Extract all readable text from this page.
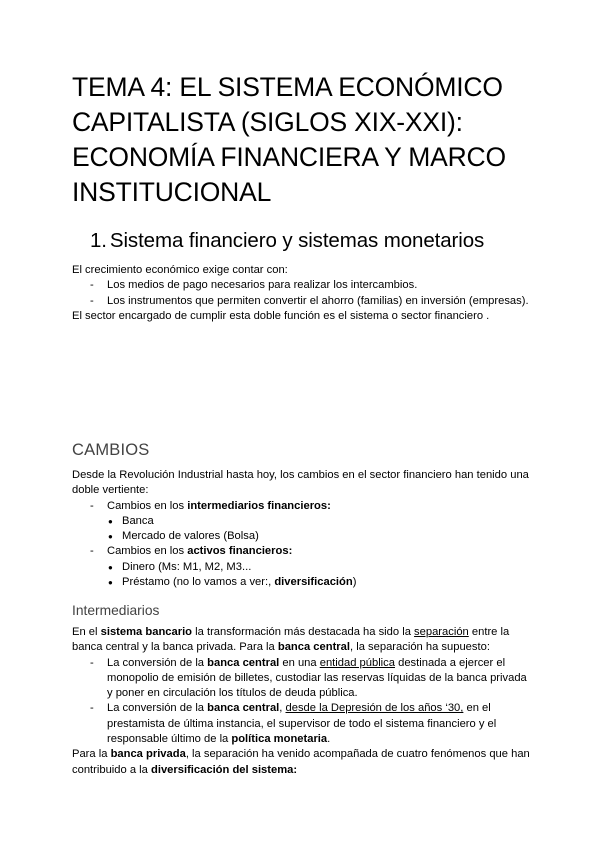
TEMA 4: EL SISTEMA ECONÓMICO CAPITALISTA (SIGLOS XIX-XXI): ECONOMÍA FINANCIERA Y MARCO INSTITUCIONAL
1. Sistema financiero y sistemas monetarios

El crecimiento económico exige contar con:

- Los medios de pago necesarios para realizar los intercambios.
- Los instrumentos que permiten convertir el ahorro (familias) en inversión (empresas).

El sector encargado de cumplir esta doble función es el sistema o sector financiero .

CAMBIOS

Desde la Revolución Industrial hasta hoy, los cambios en el sector financiero han tenido una doble vertiente:

- Cambios en los intermediarios financieros:
● Banca
● Mercado de valores (Bolsa)
- Cambios en los activos financieros:
● Dinero (Ms: M1, M2, M3...
● Préstamo (no lo vamos a ver:, diversificación)
Intermediarios

En el sistema bancario la transformación más destacada ha sido la separación entre la banca central y la banca privada. Para la banca central, la separación ha supuesto:

- La conversión de la banca central en una entidad pública destinada a ejercer el monopolio de emisión de billetes, custodiar las reservas líquidas de la banca privada y poner en circulación los títulos de deuda pública.
- La conversión de la banca central, desde la Depresión de los años ‘30, en el prestamista de última instancia, el supervisor de todo el sistema financiero y el responsable último de la política monetaria.

Para la banca privada, la separación ha venido acompañada de cuatro fenómenos que han contribuido a la diversificación del sistema:
